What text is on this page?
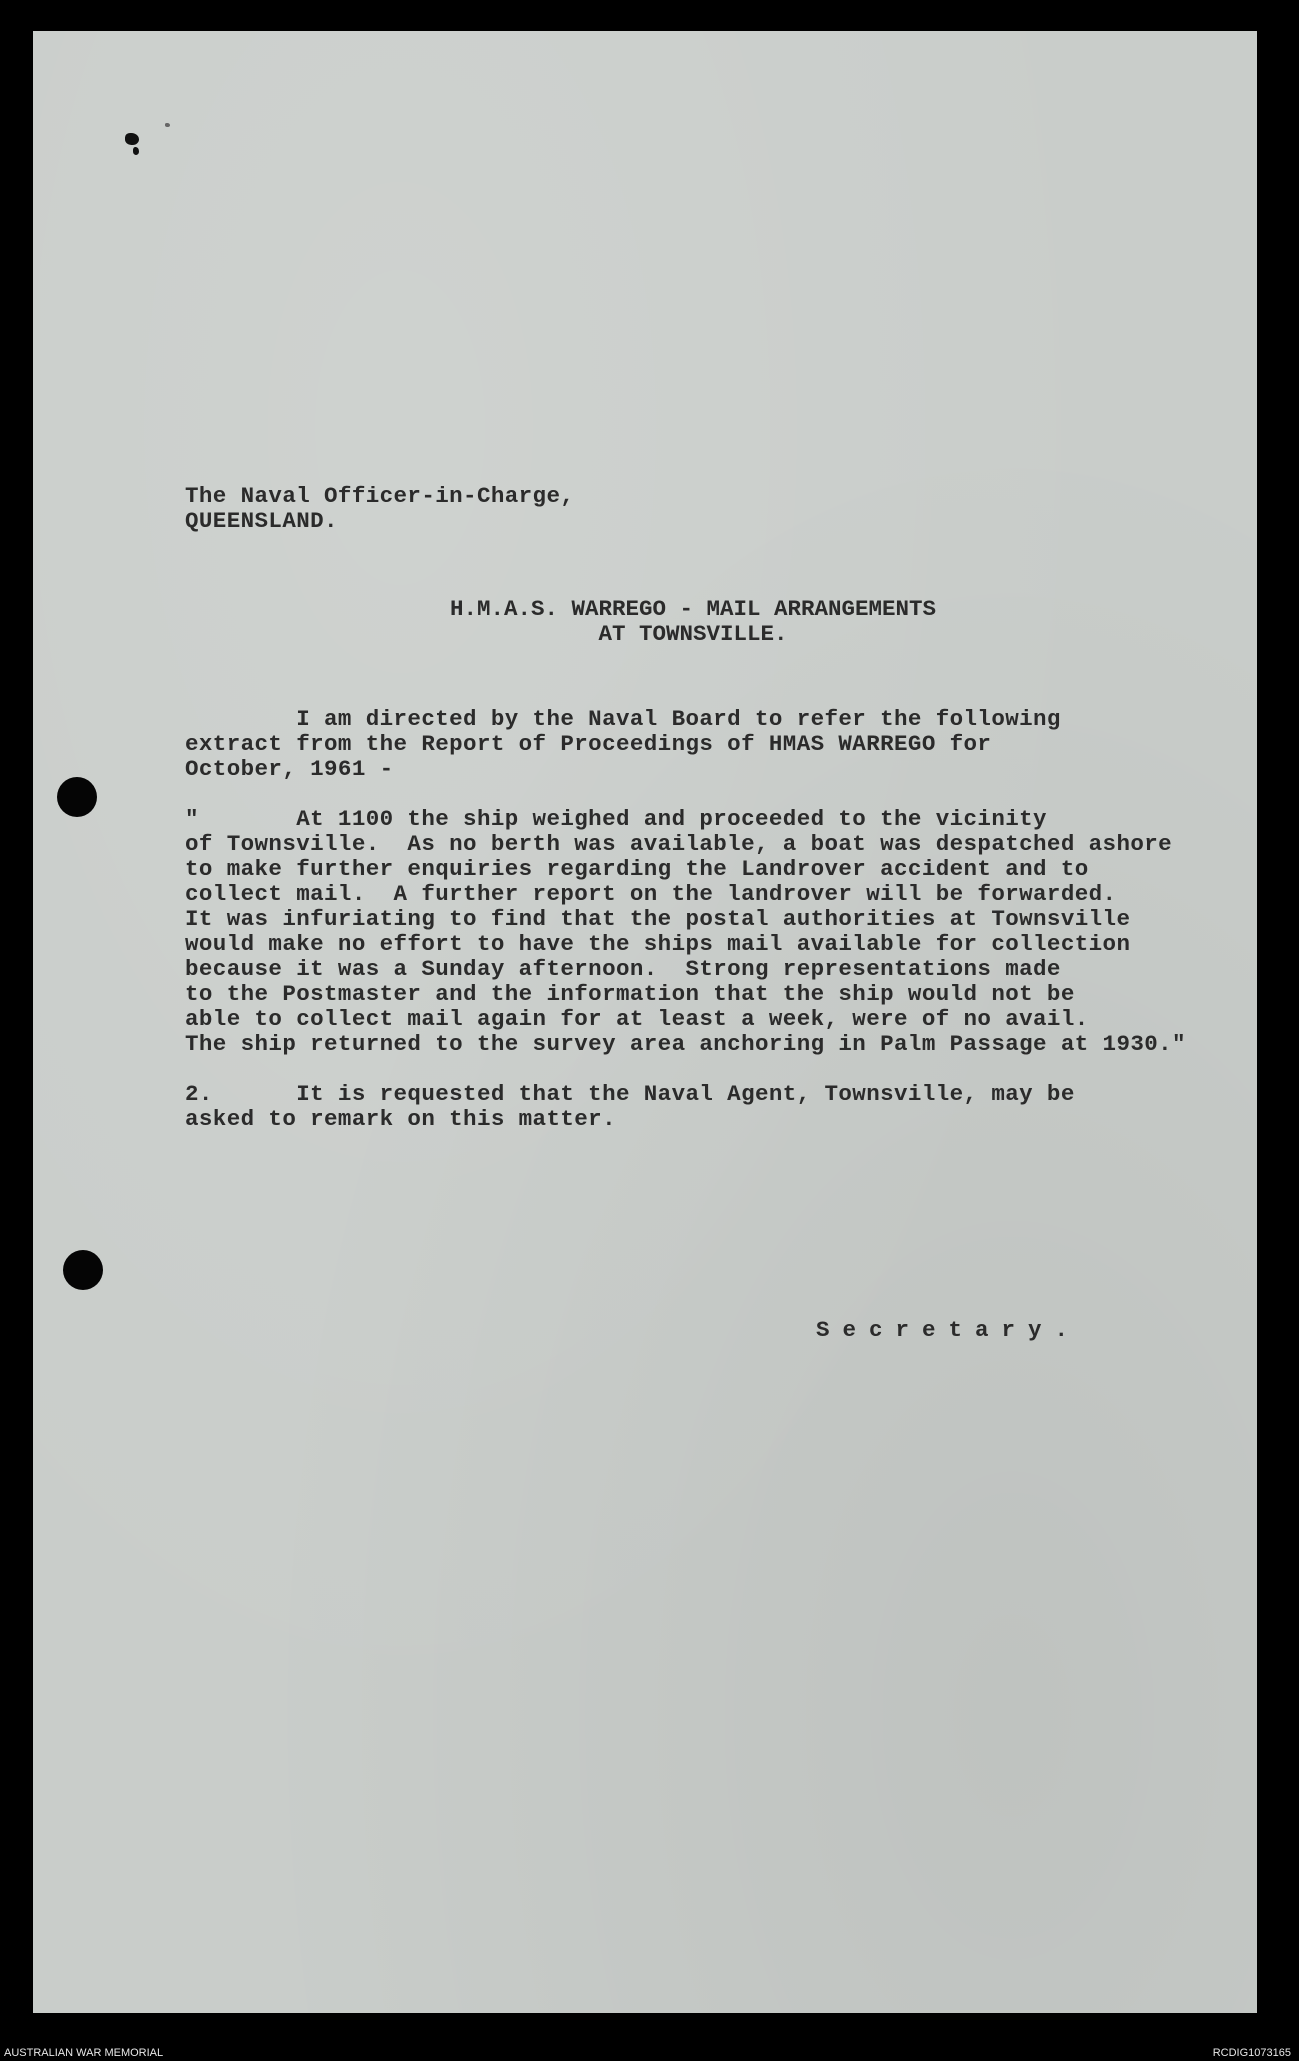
The Naval Officer-in-Charge,
QUEENSLAND.
H.M.A.S. WARREGO - MAIL ARRANGEMENTS
AT TOWNSVILLE.
I am directed by the Naval Board to refer the following
extract from the Report of Proceedings of HMAS WARREGO for
October, 1961 -
"       At 1100 the ship weighed and proceeded to the vicinity
of Townsville.  As no berth was available, a boat was despatched ashore
to make further enquiries regarding the Landrover accident and to
collect mail.  A further report on the landrover will be forwarded.
It was infuriating to find that the postal authorities at Townsville
would make no effort to have the ships mail available for collection
because it was a Sunday afternoon.  Strong representations made
to the Postmaster and the information that the ship would not be
able to collect mail again for at least a week, were of no avail.
The ship returned to the survey area anchoring in Palm Passage at 1930."
2.      It is requested that the Naval Agent, Townsville, may be
asked to remark on this matter.
Secretary.
AUSTRALIAN WAR MEMORIAL	RCDIG1073165
